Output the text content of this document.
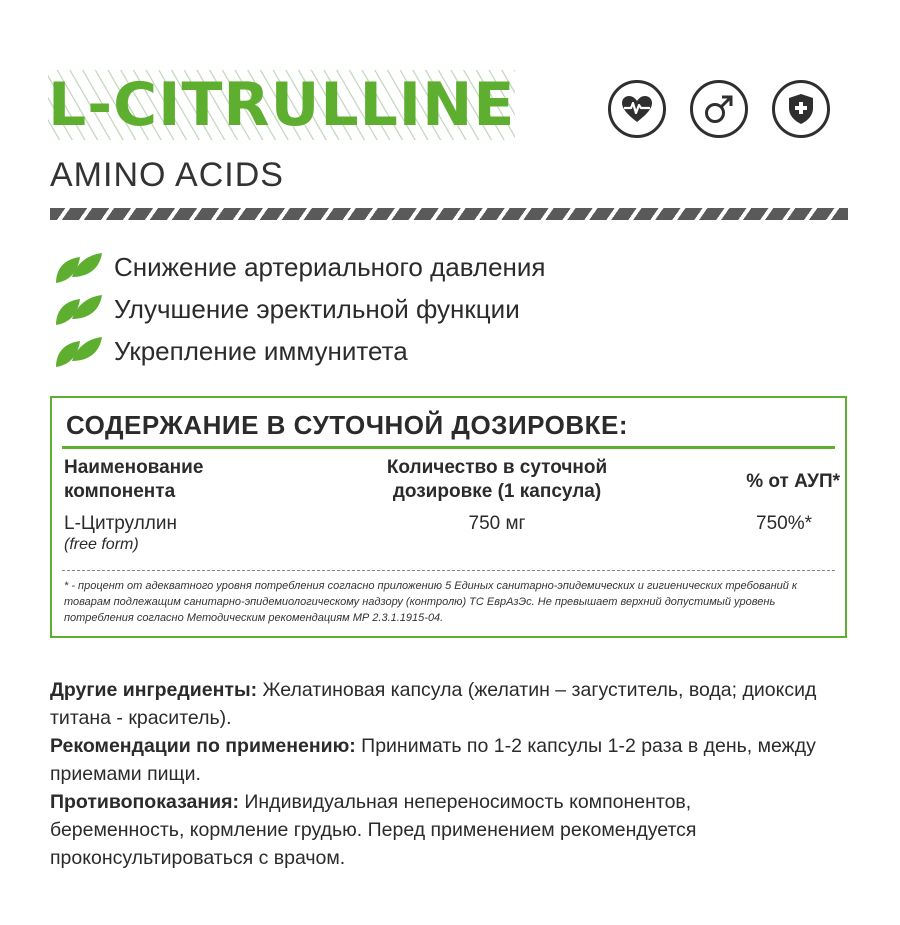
L-CITRULLINE
AMINO ACIDS
Снижение артериального давления
Улучшение эректильной функции
Укрепление иммунитета
СОДЕРЖАНИЕ В СУТОЧНОЙ ДОЗИРОВКЕ:
Наименование компонента
Количество в суточной дозировке (1 капсула)	% от АУП*
L-Цитруллин
(free form)
750 мг	750%*
* - процент от адекватного уровня потребления согласно приложению 5 Единых санитарно-эпидемических и гигиенических требований к товарам подлежащим санитарно-эпидемиологическому надзору (контролю) ТС ЕврАзЭс. Не превышает верхний допустимый уровень потребления согласно Методическим рекомендациям МР 2.3.1.1915-04.

Другие ингредиенты: Желатиновая капсула (желатин – загуститель, вода; диоксид титана - краситель).

Рекомендации по применению: Принимать по 1-2 капсулы 1-2 раза в день, между приемами пищи.

Противопоказания: Индивидуальная непереносимость компонентов, беременность, кормление грудью. Перед применением рекомендуется проконсультироваться с врачом.
